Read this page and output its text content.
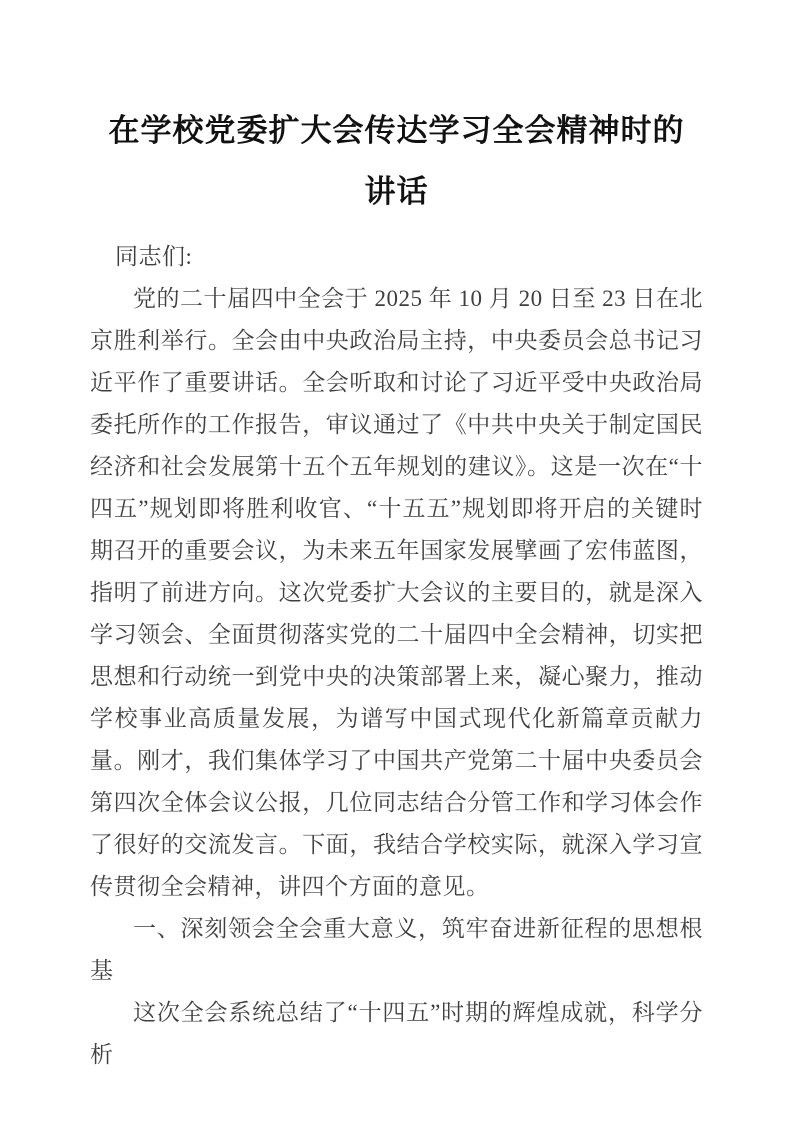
在学校党委扩大会传达学习全会精神时的讲话

同志们:

党的二十届四中全会于 2025 年 10 月 20 日至 23 日在北京胜利举行。全会由中央政治局主持，中央委员会总书记习近平作了重要讲话。全会听取和讨论了习近平受中央政治局委托所作的工作报告，审议通过了《中共中央关于制定国民经济和社会发展第十五个五年规划的建议》。这是一次在“十四五”规划即将胜利收官、“十五五”规划即将开启的关键时期召开的重要会议，为未来五年国家发展擘画了宏伟蓝图，指明了前进方向。这次党委扩大会议的主要目的，就是深入学习领会、全面贯彻落实党的二十届四中全会精神，切实把思想和行动统一到党中央的决策部署上来，凝心聚力，推动学校事业高质量发展，为谱写中国式现代化新篇章贡献力量。刚才，我们集体学习了中国共产党第二十届中央委员会第四次全体会议公报，几位同志结合分管工作和学习体会作了很好的交流发言。下面，我结合学校实际，就深入学习宣传贯彻全会精神，讲四个方面的意见。

一、深刻领会全会重大意义，筑牢奋进新征程的思想根基

这次全会系统总结了“十四五”时期的辉煌成就，科学分析
